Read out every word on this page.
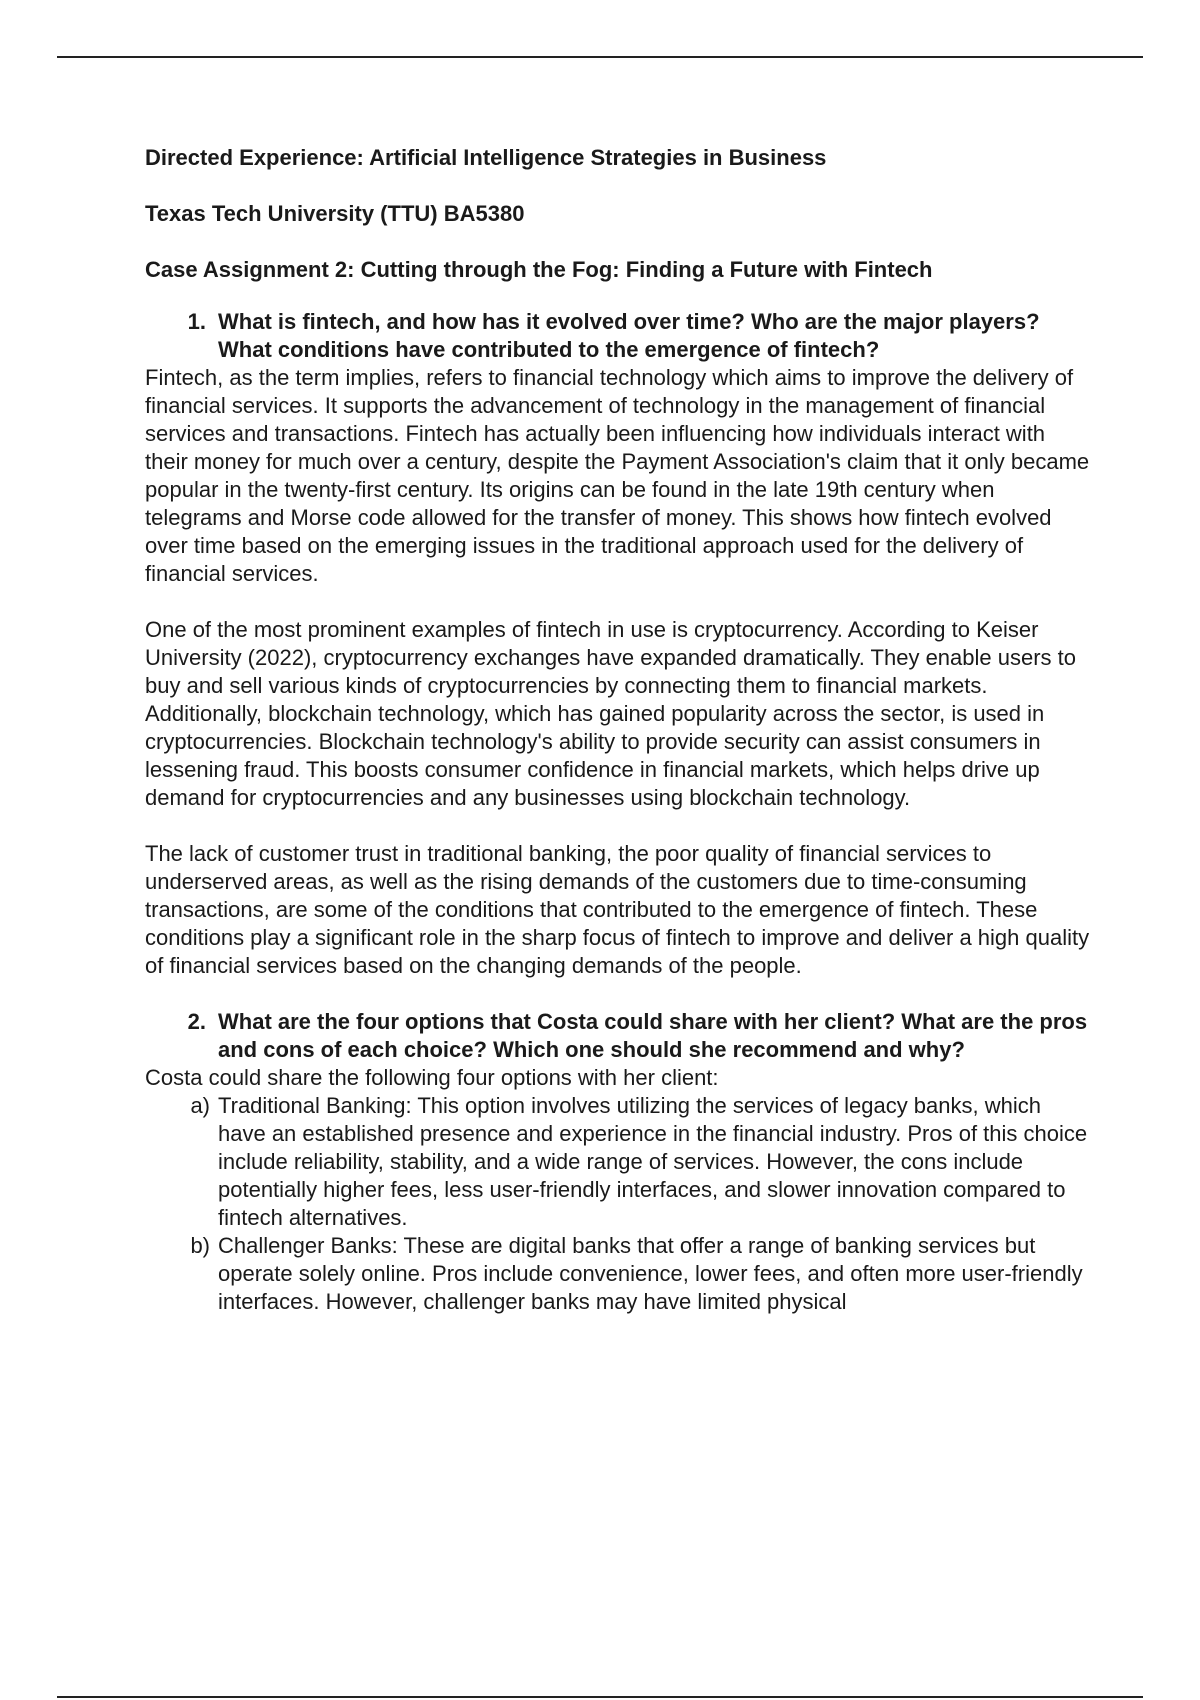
Directed Experience: Artificial Intelligence Strategies in Business

Texas Tech University (TTU) BA5380

Case Assignment 2: Cutting through the Fog: Finding a Future with Fintech

1. What is fintech, and how has it evolved over time? Who are the major players? What conditions have contributed to the emergence of fintech?

Fintech, as the term implies, refers to financial technology which aims to improve the delivery of financial services. It supports the advancement of technology in the management of financial services and transactions. Fintech has actually been influencing how individuals interact with their money for much over a century, despite the Payment Association's claim that it only became popular in the twenty-first century. Its origins can be found in the late 19th century when telegrams and Morse code allowed for the transfer of money. This shows how fintech evolved over time based on the emerging issues in the traditional approach used for the delivery of financial services.

One of the most prominent examples of fintech in use is cryptocurrency. According to Keiser University (2022), cryptocurrency exchanges have expanded dramatically. They enable users to buy and sell various kinds of cryptocurrencies by connecting them to financial markets. Additionally, blockchain technology, which has gained popularity across the sector, is used in cryptocurrencies. Blockchain technology's ability to provide security can assist consumers in lessening fraud. This boosts consumer confidence in financial markets, which helps drive up demand for cryptocurrencies and any businesses using blockchain technology.

The lack of customer trust in traditional banking, the poor quality of financial services to underserved areas, as well as the rising demands of the customers due to time-consuming transactions, are some of the conditions that contributed to the emergence of fintech. These conditions play a significant role in the sharp focus of fintech to improve and deliver a high quality of financial services based on the changing demands of the people.

2. What are the four options that Costa could share with her client? What are the pros and cons of each choice? Which one should she recommend and why?

Costa could share the following four options with her client:

a) Traditional Banking: This option involves utilizing the services of legacy banks, which have an established presence and experience in the financial industry. Pros of this choice include reliability, stability, and a wide range of services. However, the cons include potentially higher fees, less user-friendly interfaces, and slower innovation compared to fintech alternatives.
b) Challenger Banks: These are digital banks that offer a range of banking services but operate solely online. Pros include convenience, lower fees, and often more user-friendly interfaces. However, challenger banks may have limited physical
